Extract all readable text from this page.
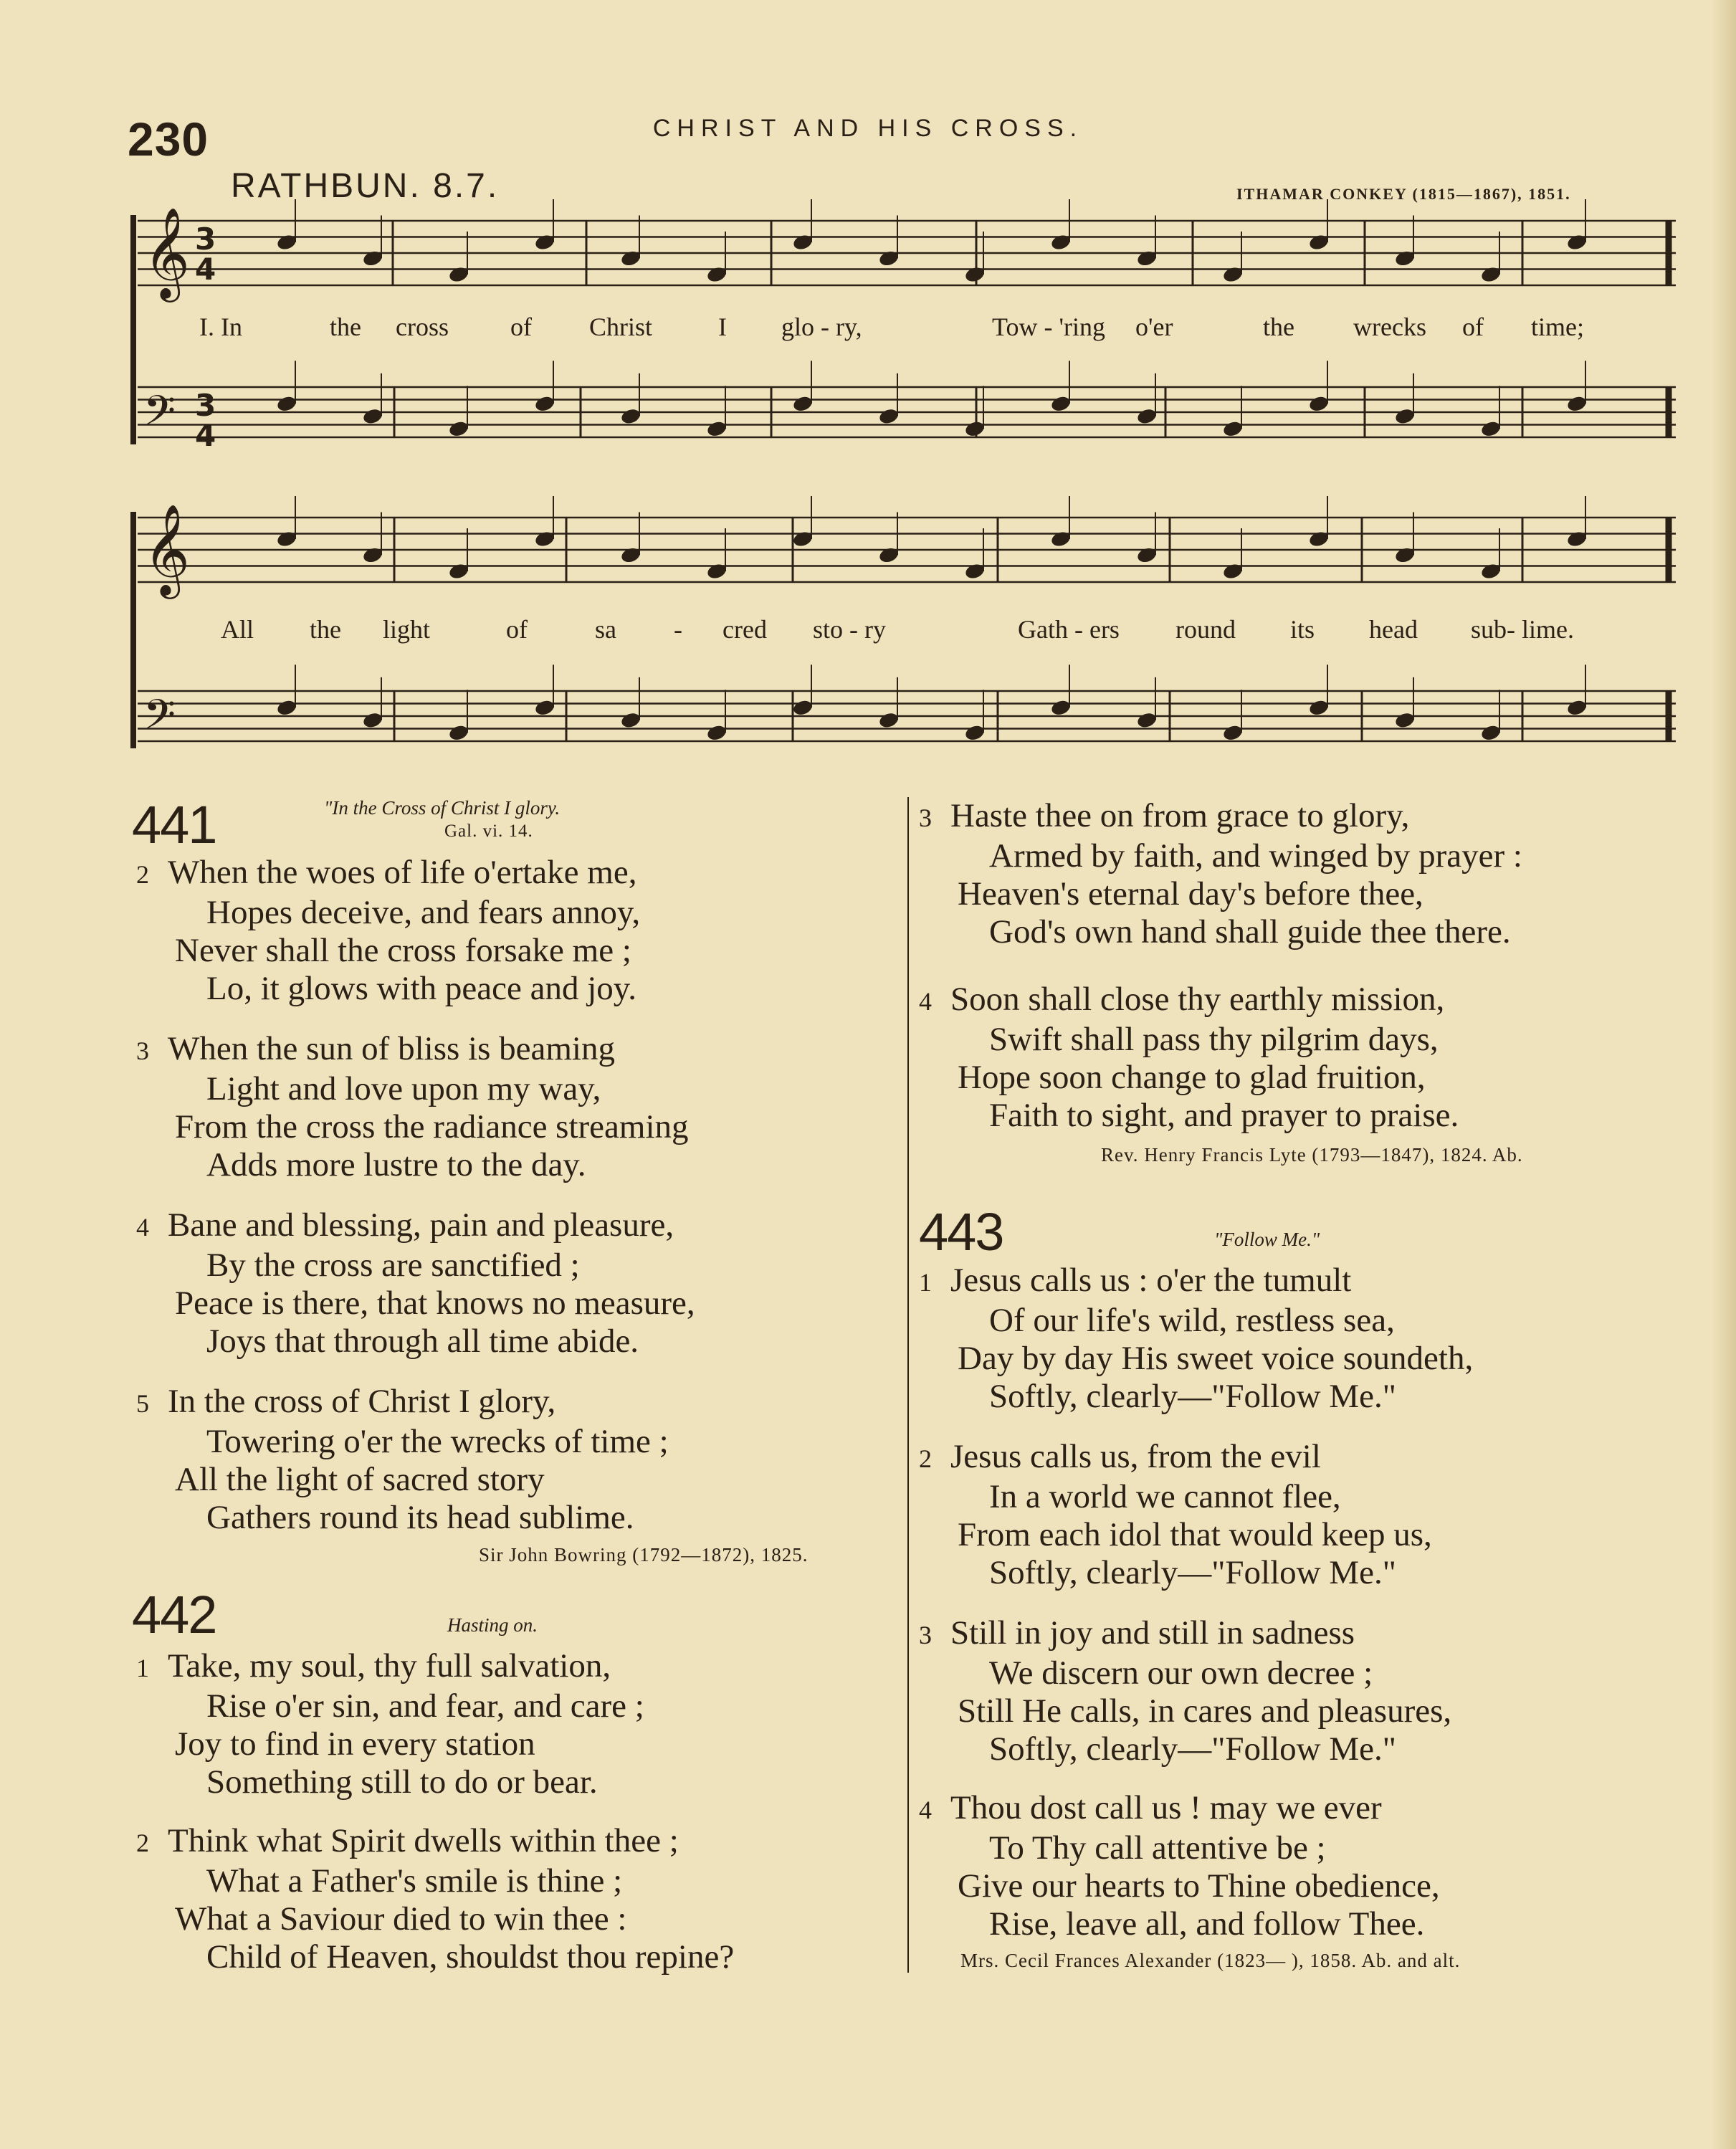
230	CHRIST AND HIS CROSS.
RATHBUN. 8.7.	ITHAMAR CONKEY (1815—1867), 1851.
𝄞
𝄢
𝄞
𝄢
3
4
3
4
I. In	the cross of Christ	I glo - ry,	Tow - 'ring o'er	the wrecks of time;
All the light	of	sa - cred sto - ry	Gath - ers round its head sub- lime.
441	"In the Cross of Christ I glory.
Gal. vi. 14.
2 When the woes of life o'ertake me,
Hopes deceive, and fears annoy,
Never shall the cross forsake me ;
Lo, it glows with peace and joy.
3 When the sun of bliss is beaming
Light and love upon my way,
From the cross the radiance streaming
Adds more lustre to the day.
4 Bane and blessing, pain and pleasure,
By the cross are sanctified ;
Peace is there, that knows no measure,
Joys that through all time abide.
5 In the cross of Christ I glory,
Towering o'er the wrecks of time ;
All the light of sacred story
Gathers round its head sublime.
Sir John Bowring (1792—1872), 1825.
442	Hasting on.
1 Take, my soul, thy full salvation,
Rise o'er sin, and fear, and care ;
Joy to find in every station
Something still to do or bear.
2 Think what Spirit dwells within thee ;
What a Father's smile is thine ;
What a Saviour died to win thee :
Child of Heaven, shouldst thou repine?
3 Haste thee on from grace to glory,
Armed by faith, and winged by prayer :
Heaven's eternal day's before thee,
God's own hand shall guide thee there.
4 Soon shall close thy earthly mission,
Swift shall pass thy pilgrim days,
Hope soon change to glad fruition,
Faith to sight, and prayer to praise.
Rev. Henry Francis Lyte (1793—1847), 1824. Ab.
443	"Follow Me."
1 Jesus calls us : o'er the tumult
Of our life's wild, restless sea,
Day by day His sweet voice soundeth,
Softly, clearly—"Follow Me."
2 Jesus calls us, from the evil
In a world we cannot flee,
From each idol that would keep us,
Softly, clearly—"Follow Me."
3 Still in joy and still in sadness
We discern our own decree ;
Still He calls, in cares and pleasures,
Softly, clearly—"Follow Me."
4 Thou dost call us ! may we ever
To Thy call attentive be ;
Give our hearts to Thine obedience,
Rise, leave all, and follow Thee.
Mrs. Cecil Frances Alexander (1823— ), 1858. Ab. and alt.
